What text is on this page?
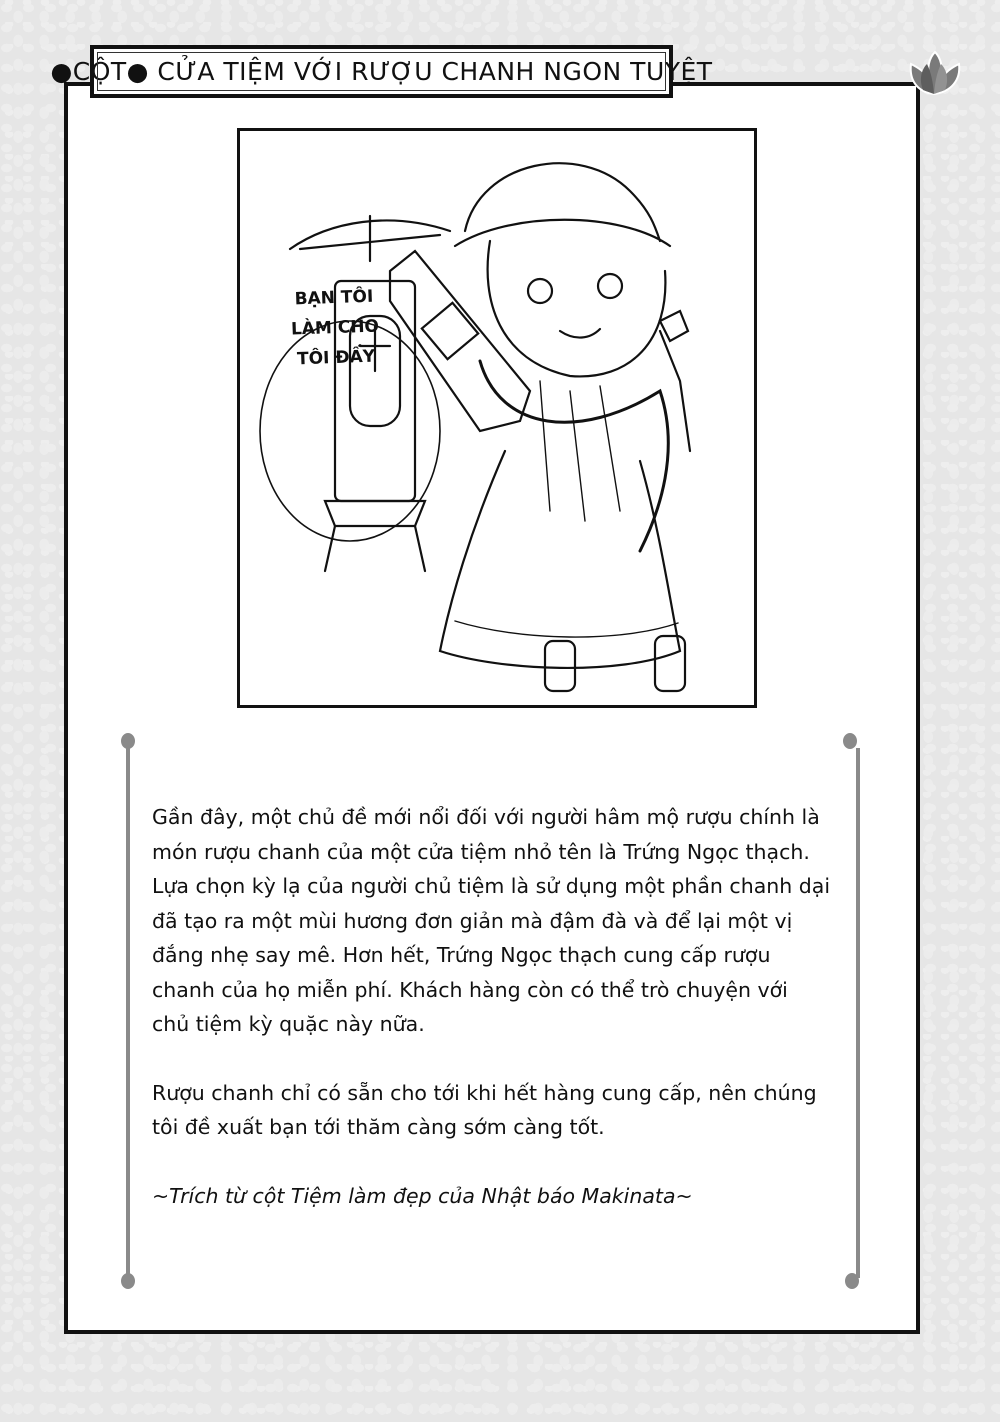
●CỘT● CỬA TIỆM VỚI RƯỢU CHANH NGON TUYỆT
BẠN TÔI
LÀM CHO
TÔI ĐẤY

Gần đây, một chủ đề mới nổi đối với người hâm mộ rượu chính là
món rượu chanh của một cửa tiệm nhỏ tên là Trứng Ngọc thạch.
Lựa chọn kỳ lạ của người chủ tiệm là sử dụng một phần chanh dại
đã tạo ra một mùi hương đơn giản mà đậm đà và để lại một vị
đắng nhẹ say mê. Hơn hết, Trứng Ngọc thạch cung cấp rượu
chanh của họ miễn phí. Khách hàng còn có thể trò chuyện với
chủ tiệm kỳ quặc này nữa.

Rượu chanh chỉ có sẵn cho tới khi hết hàng cung cấp, nên chúng
tôi đề xuất bạn tới thăm càng sớm càng tốt.

~Trích từ cột Tiệm làm đẹp của Nhật báo Makinata~
